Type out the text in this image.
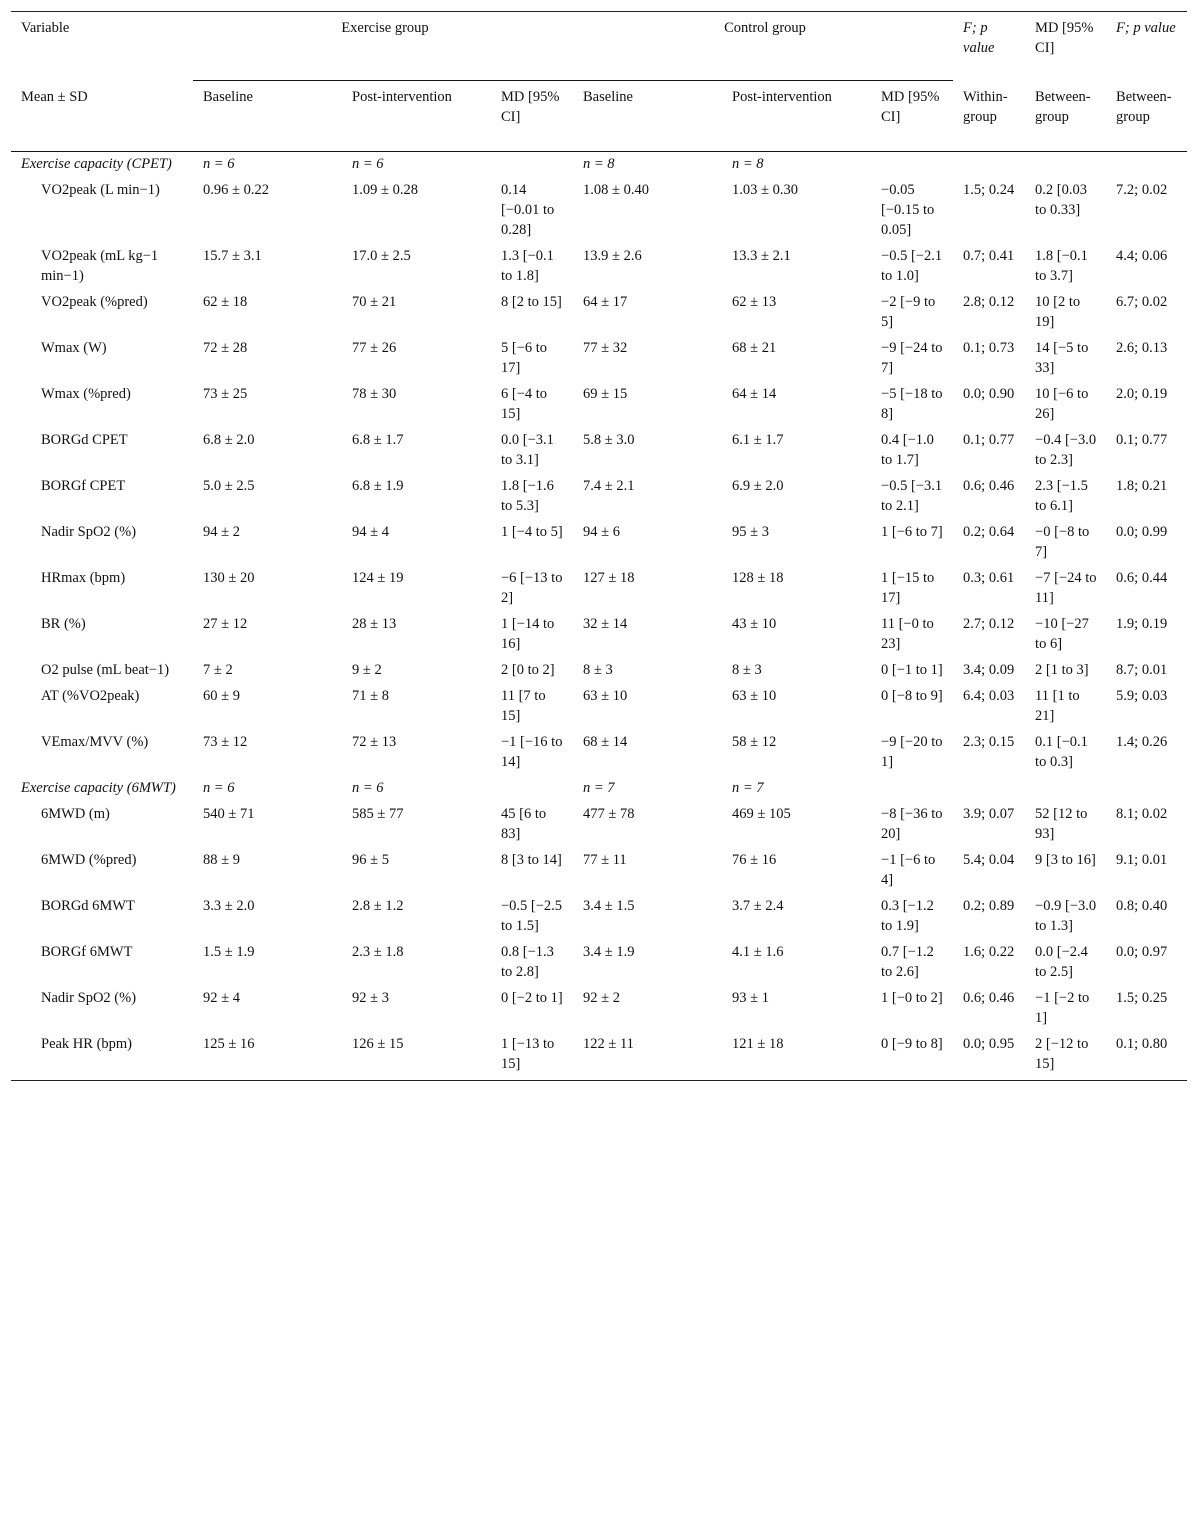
Variable	Exercise group			Control group			F; p value	MD [95% CI]	F; p value
Mean ± SD	Baseline	Post-intervention	MD [95% CI]	Baseline	Post-intervention	MD [95% CI]	Within-group	Between-group	Between-group
Exercise capacity (CPET)	n = 6	n = 6		n = 8	n = 8				
VO2peak (L min−1)	0.96 ± 0.22	1.09 ± 0.28	0.14 [−0.01 to 0.28]	1.08 ± 0.40	1.03 ± 0.30	−0.05 [−0.15 to 0.05]	1.5; 0.24	0.2 [0.03 to 0.33]	7.2; 0.02
VO2peak (mL kg−1 min−1)	15.7 ± 3.1	17.0 ± 2.5	1.3 [−0.1 to 1.8]	13.9 ± 2.6	13.3 ± 2.1	−0.5 [−2.1 to 1.0]	0.7; 0.41	1.8 [−0.1 to 3.7]	4.4; 0.06
VO2peak (%pred)	62 ± 18	70 ± 21	8 [2 to 15]	64 ± 17	62 ± 13	−2 [−9 to 5]	2.8; 0.12	10 [2 to 19]	6.7; 0.02
Wmax (W)	72 ± 28	77 ± 26	5 [−6 to 17]	77 ± 32	68 ± 21	−9 [−24 to 7]	0.1; 0.73	14 [−5 to 33]	2.6; 0.13
Wmax (%pred)	73 ± 25	78 ± 30	6 [−4 to 15]	69 ± 15	64 ± 14	−5 [−18 to 8]	0.0; 0.90	10 [−6 to 26]	2.0; 0.19
BORGd CPET	6.8 ± 2.0	6.8 ± 1.7	0.0 [−3.1 to 3.1]	5.8 ± 3.0	6.1 ± 1.7	0.4 [−1.0 to 1.7]	0.1; 0.77	−0.4 [−3.0 to 2.3]	0.1; 0.77
BORGf CPET	5.0 ± 2.5	6.8 ± 1.9	1.8 [−1.6 to 5.3]	7.4 ± 2.1	6.9 ± 2.0	−0.5 [−3.1 to 2.1]	0.6; 0.46	2.3 [−1.5 to 6.1]	1.8; 0.21
Nadir SpO2 (%)	94 ± 2	94 ± 4	1 [−4 to 5]	94 ± 6	95 ± 3	1 [−6 to 7]	0.2; 0.64	−0 [−8 to 7]	0.0; 0.99
HRmax (bpm)	130 ± 20	124 ± 19	−6 [−13 to 2]	127 ± 18	128 ± 18	1 [−15 to 17]	0.3; 0.61	−7 [−24 to 11]	0.6; 0.44
BR (%)	27 ± 12	28 ± 13	1 [−14 to 16]	32 ± 14	43 ± 10	11 [−0 to 23]	2.7; 0.12	−10 [−27 to 6]	1.9; 0.19
O2 pulse (mL beat−1)	7 ± 2	9 ± 2	2 [0 to 2]	8 ± 3	8 ± 3	0 [−1 to 1]	3.4; 0.09	2 [1 to 3]	8.7; 0.01
AT (%VO2peak)	60 ± 9	71 ± 8	11 [7 to 15]	63 ± 10	63 ± 10	0 [−8 to 9]	6.4; 0.03	11 [1 to 21]	5.9; 0.03
VEmax/MVV (%)	73 ± 12	72 ± 13	−1 [−16 to 14]	68 ± 14	58 ± 12	−9 [−20 to 1]	2.3; 0.15	0.1 [−0.1 to 0.3]	1.4; 0.26
Exercise capacity (6MWT)	n = 6	n = 6		n = 7	n = 7				
6MWD (m)	540 ± 71	585 ± 77	45 [6 to 83]	477 ± 78	469 ± 105	−8 [−36 to 20]	3.9; 0.07	52 [12 to 93]	8.1; 0.02
6MWD (%pred)	88 ± 9	96 ± 5	8 [3 to 14]	77 ± 11	76 ± 16	−1 [−6 to 4]	5.4; 0.04	9 [3 to 16]	9.1; 0.01
BORGd 6MWT	3.3 ± 2.0	2.8 ± 1.2	−0.5 [−2.5 to 1.5]	3.4 ± 1.5	3.7 ± 2.4	0.3 [−1.2 to 1.9]	0.2; 0.89	−0.9 [−3.0 to 1.3]	0.8; 0.40
BORGf 6MWT	1.5 ± 1.9	2.3 ± 1.8	0.8 [−1.3 to 2.8]	3.4 ± 1.9	4.1 ± 1.6	0.7 [−1.2 to 2.6]	1.6; 0.22	0.0 [−2.4 to 2.5]	0.0; 0.97
Nadir SpO2 (%)	92 ± 4	92 ± 3	0 [−2 to 1]	92 ± 2	93 ± 1	1 [−0 to 2]	0.6; 0.46	−1 [−2 to 1]	1.5; 0.25
Peak HR (bpm)	125 ± 16	126 ± 15	1 [−13 to 15]	122 ± 11	121 ± 18	0 [−9 to 8]	0.0; 0.95	2 [−12 to 15]	0.1; 0.80
